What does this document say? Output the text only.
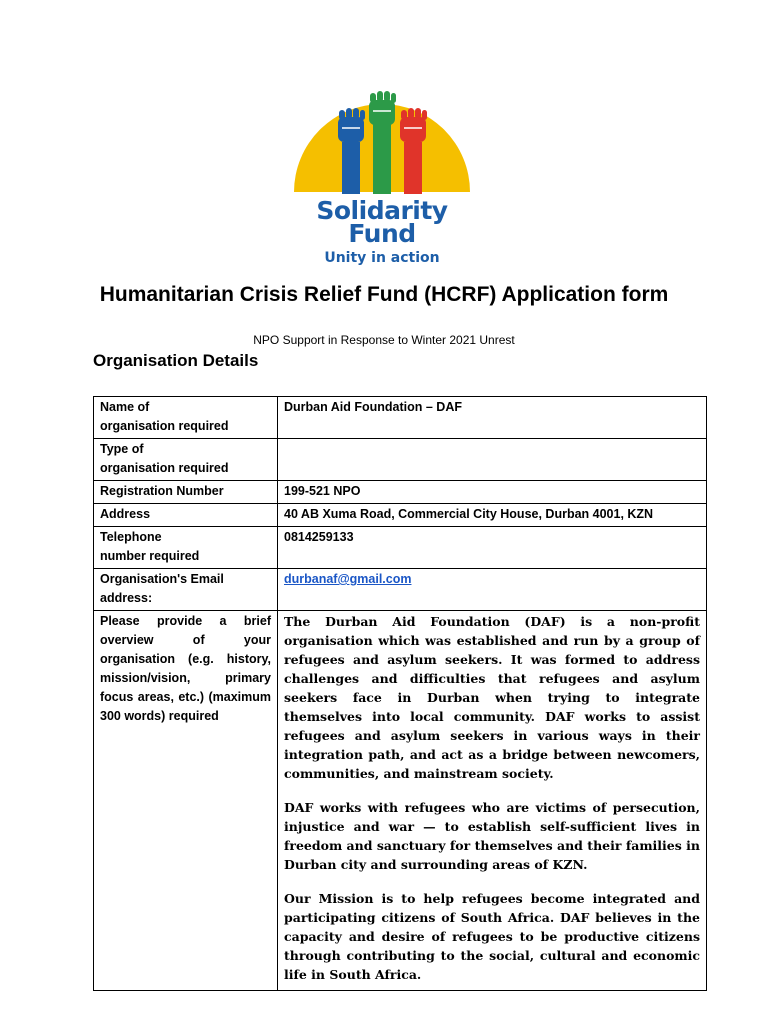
Solidarity
Fund
Unity in action
Humanitarian Crisis Relief Fund (HCRF) Application form
NPO Support in Response to Winter 2021 Unrest
Organisation Details
Name of
organisation required	Durban Aid Foundation – DAF
Type of
organisation required	
Registration Number	199-521 NPO
Address	40 AB Xuma Road, Commercial City House, Durban 4001, KZN
Telephone
number required	0814259133
Organisation's Email
address:	durbanaf@gmail.com
Please provide a brief overview of your organisation (e.g. history, mission/vision, primary focus areas, etc.) (maximum 300 words) required	The Durban Aid Foundation (DAF) is a non-profit organisation which was established and run by a group of refugees and asylum seekers. It was formed to address challenges and difficulties that refugees and asylum seekers face in Durban when trying to integrate themselves into local community. DAF works to assist refugees and asylum seekers in various ways in their integration path, and act as a bridge between newcomers, communities, and mainstream society.

DAF works with refugees who are victims of persecution, injustice and war — to establish self-sufficient lives in freedom and sanctuary for themselves and their families in Durban city and surrounding areas of KZN.

Our Mission is to help refugees become integrated and participating citizens of South Africa. DAF believes in the capacity and desire of refugees to be productive citizens through contributing to the social, cultural and economic life in South Africa.
